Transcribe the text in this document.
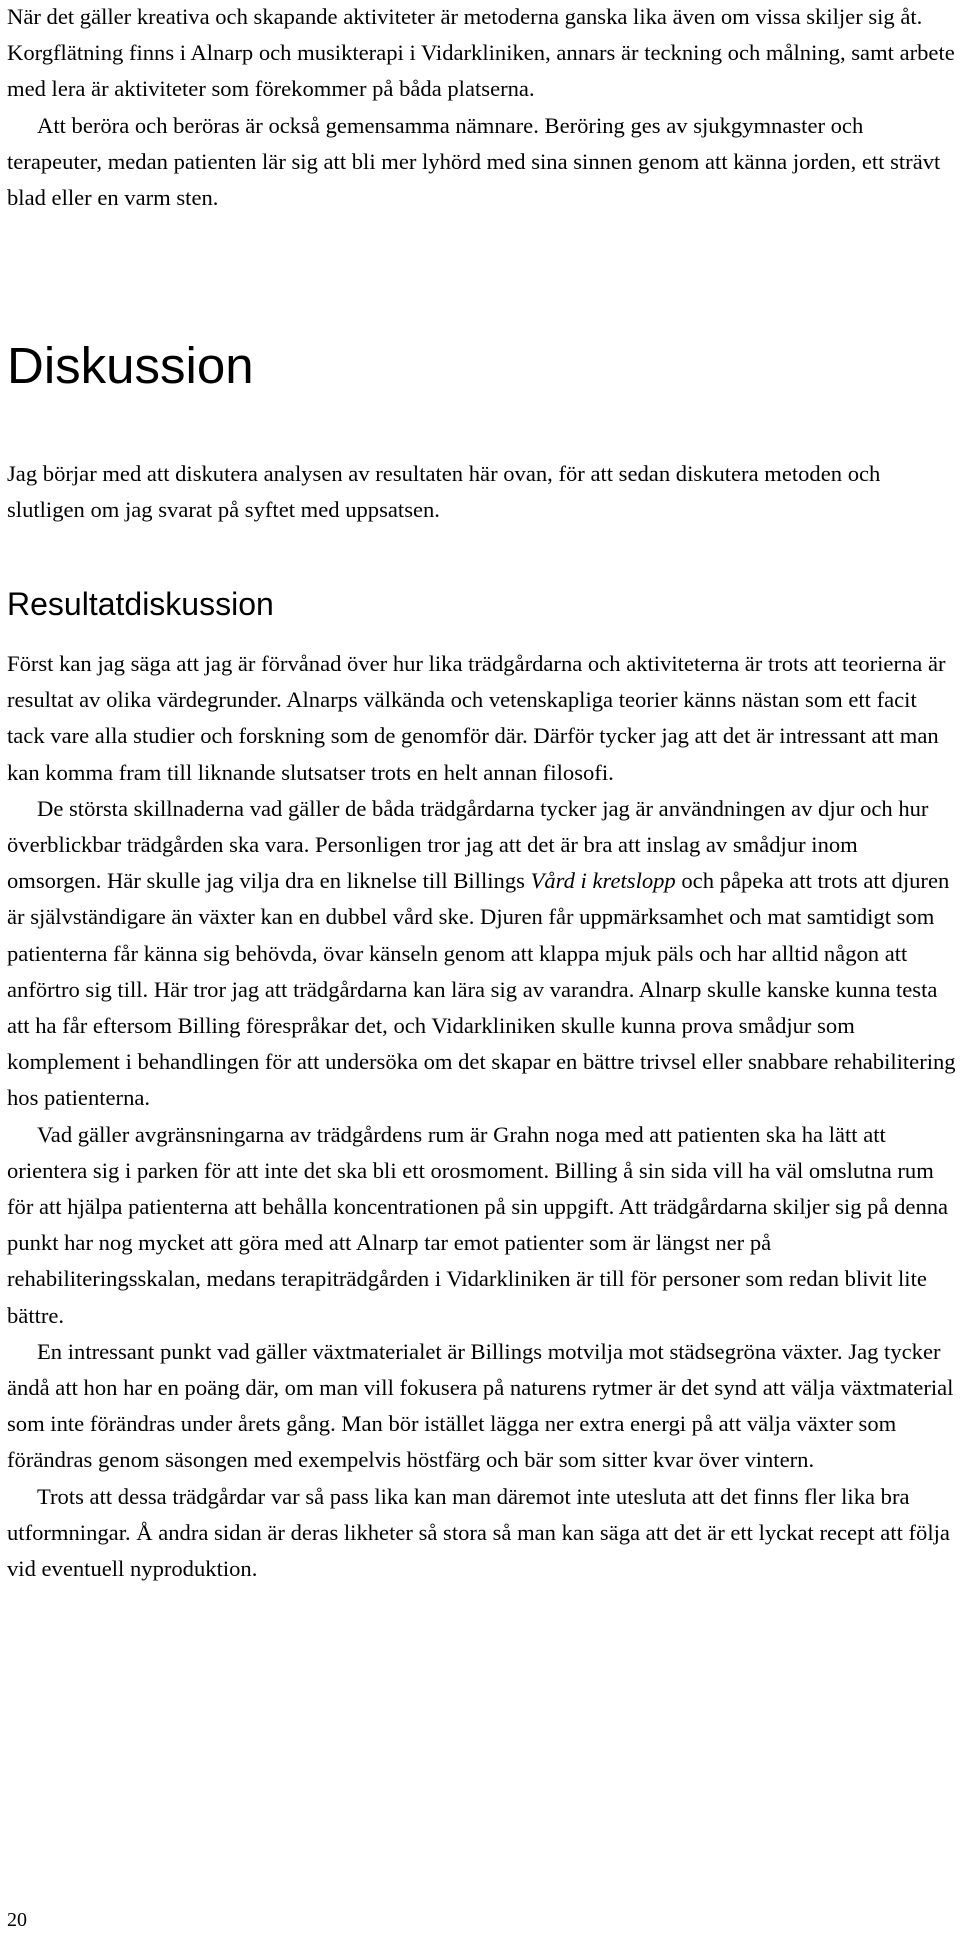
När det gäller kreativa och skapande aktiviteter är metoderna ganska lika även om vissa skiljer sig åt. Korgflätning finns i Alnarp och musikterapi i Vidarkliniken, annars är teckning och målning, samt arbete med lera är aktiviteter som förekommer på båda platserna.

Att beröra och beröras är också gemensamma nämnare. Beröring ges av sjukgymnaster och terapeuter, medan patienten lär sig att bli mer lyhörd med sina sinnen genom att känna jorden, ett strävt blad eller en varm sten.

Diskussion

Jag börjar med att diskutera analysen av resultaten här ovan, för att sedan diskutera metoden och slutligen om jag svarat på syftet med uppsatsen.

Resultatdiskussion

Först kan jag säga att jag är förvånad över hur lika trädgårdarna och aktiviteterna är trots att teorierna är resultat av olika värdegrunder. Alnarps välkända och vetenskapliga teorier känns nästan som ett facit tack vare alla studier och forskning som de genomför där. Därför tycker jag att det är intressant att man kan komma fram till liknande slutsatser trots en helt annan filosofi.

De största skillnaderna vad gäller de båda trädgårdarna tycker jag är användningen av djur och hur överblickbar trädgården ska vara. Personligen tror jag att det är bra att inslag av smådjur inom omsorgen. Här skulle jag vilja dra en liknelse till Billings Vård i kretslopp och påpeka att trots att djuren är självständigare än växter kan en dubbel vård ske. Djuren får uppmärksamhet och mat samtidigt som patienterna får känna sig behövda, övar känseln genom att klappa mjuk päls och har alltid någon att anförtro sig till. Här tror jag att trädgårdarna kan lära sig av varandra. Alnarp skulle kanske kunna testa att ha får eftersom Billing förespråkar det, och Vidarkliniken skulle kunna prova smådjur som komplement i behandlingen för att undersöka om det skapar en bättre trivsel eller snabbare rehabilitering hos patienterna.

Vad gäller avgränsningarna av trädgårdens rum är Grahn noga med att patienten ska ha lätt att orientera sig i parken för att inte det ska bli ett orosmoment. Billing å sin sida vill ha väl omslutna rum för att hjälpa patienterna att behålla koncentrationen på sin uppgift. Att trädgårdarna skiljer sig på denna punkt har nog mycket att göra med att Alnarp tar emot patienter som är längst ner på rehabiliteringsskalan, medans terapiträdgården i Vidarkliniken är till för personer som redan blivit lite bättre.

En intressant punkt vad gäller växtmaterialet är Billings motvilja mot städsegröna växter. Jag tycker ändå att hon har en poäng där, om man vill fokusera på naturens rytmer är det synd att välja växtmaterial som inte förändras under årets gång. Man bör istället lägga ner extra energi på att välja växter som förändras genom säsongen med exempelvis höstfärg och bär som sitter kvar över vintern.

Trots att dessa trädgårdar var så pass lika kan man däremot inte utesluta att det finns fler lika bra utformningar. Å andra sidan är deras likheter så stora så man kan säga att det är ett lyckat recept att följa vid eventuell nyproduktion.

20
